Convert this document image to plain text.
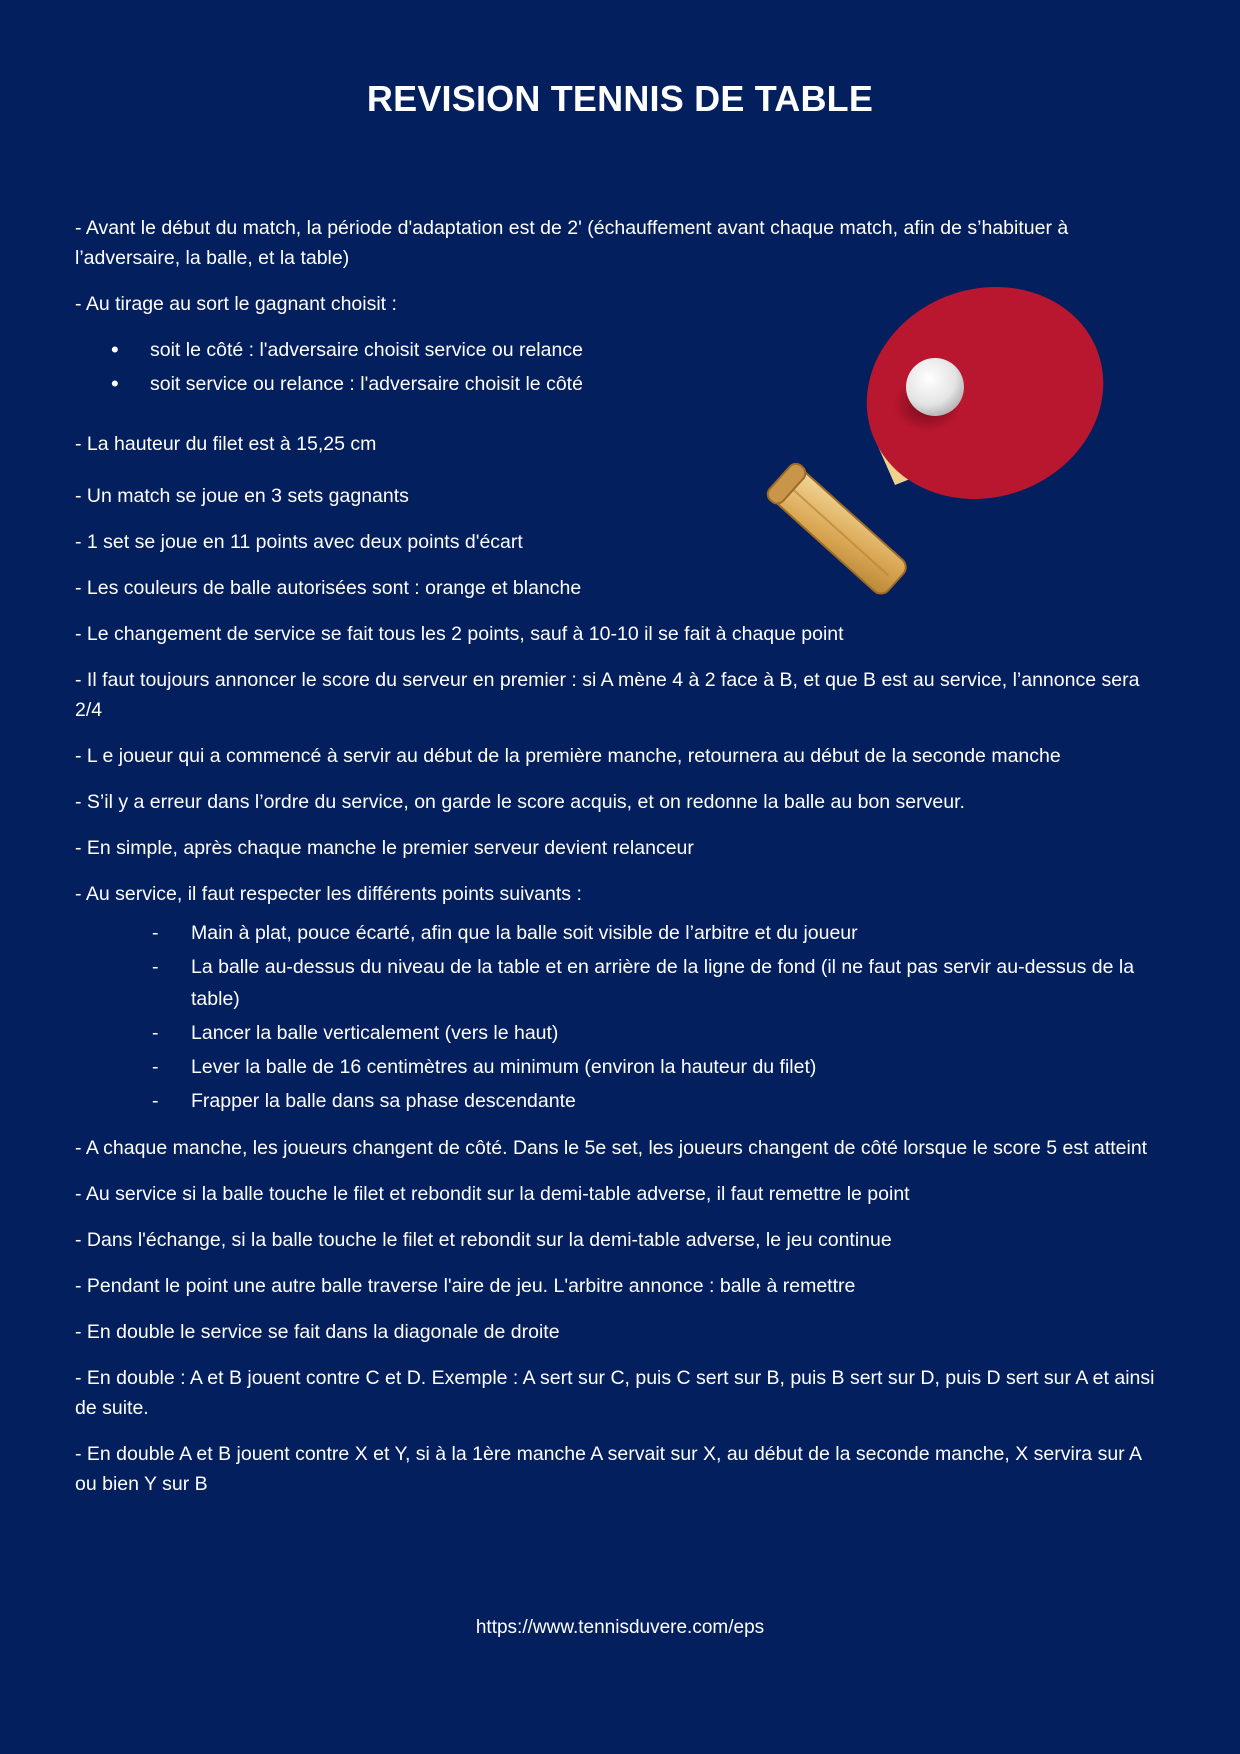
REVISION TENNIS DE TABLE

- Avant le début du match, la période d'adaptation est de 2' (échauffement avant chaque match, afin de s’habituer à l’adversaire, la balle, et la table)

- Au tirage au sort le gagnant choisit :

• soit le côté : l'adversaire choisit service ou relance
• soit service ou relance : l'adversaire choisit le côté

- La hauteur du filet est à 15,25 cm

- Un match se joue en 3 sets gagnants

- 1 set se joue en 11 points avec deux points d'écart

- Les couleurs de balle autorisées sont : orange et blanche

- Le changement de service se fait tous les 2 points, sauf à 10-10 il se fait à chaque point

- Il faut toujours annoncer le score du serveur en premier : si A mène 4 à 2 face à B, et que B est au service, l’annonce sera 2/4

- L e joueur qui a commencé à servir au début de la première manche, retournera au début de la seconde manche

- S’il y a erreur dans l’ordre du service, on garde le score acquis, et on redonne la balle au bon serveur.

- En simple, après chaque manche le premier serveur devient relanceur

- Au service, il faut respecter les différents points suivants :

- Main à plat, pouce écarté, afin que la balle soit visible de l’arbitre et du joueur
- La balle au-dessus du niveau de la table et en arrière de la ligne de fond (il ne faut pas servir au-dessus de la table)
- Lancer la balle verticalement (vers le haut)
- Lever la balle de 16 centimètres au minimum (environ la hauteur du filet)
- Frapper la balle dans sa phase descendante

- A chaque manche, les joueurs changent de côté. Dans le 5e set, les joueurs changent de côté lorsque le score 5 est atteint

- Au service si la balle touche le filet et rebondit sur la demi-table adverse, il faut remettre le point

- Dans l'échange, si la balle touche le filet et rebondit sur la demi-table adverse, le jeu continue

- Pendant le point une autre balle traverse l'aire de jeu. L'arbitre annonce : balle à remettre

- En double le service se fait dans la diagonale de droite

- En double : A et B jouent contre C et D. Exemple : A sert sur C, puis C sert sur B, puis B sert sur D, puis D sert sur A et ainsi de suite.

- En double A et B jouent contre X et Y, si à la 1ère manche A servait sur X, au début de la seconde manche, X servira sur A ou bien Y sur B

https://www.tennisduvere.com/eps
